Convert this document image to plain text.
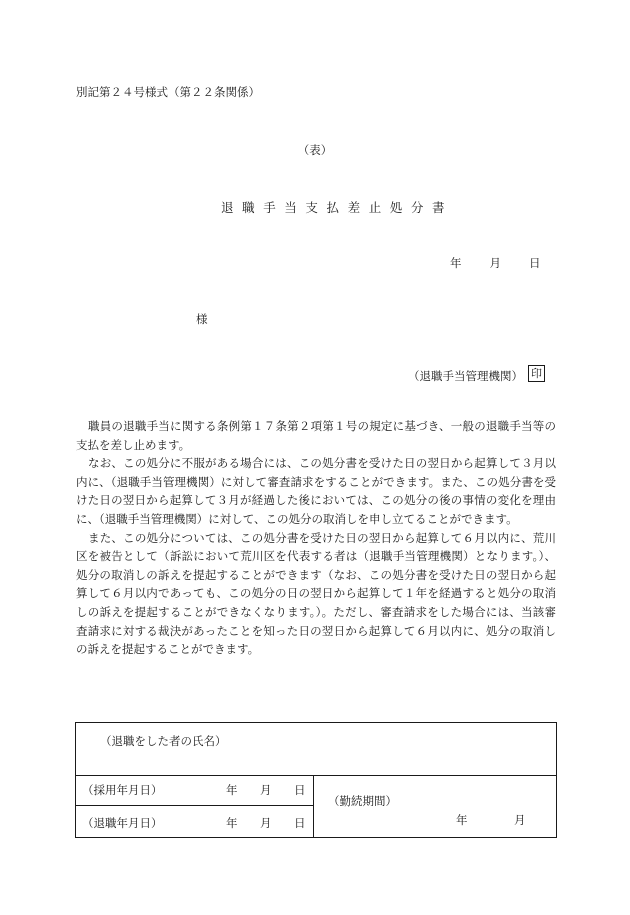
別記第２４号様式（第２２条関係）
（表）
退職手当支払差止処分書
年 月 日
様
（退職手当管理機関） 印

職員の退職手当に関する条例第１７条第２項第１号の規定に基づき、一般の退職手当等の支払を差し止めます。

なお、この処分に不服がある場合には、この処分書を受けた日の翌日から起算して３月以内に、（退職手当管理機関）に対して審査請求をすることができます。また、この処分書を受けた日の翌日から起算して３月が経過した後においては、この処分の後の事情の変化を理由に、（退職手当管理機関）に対して、この処分の取消しを申し立てることができます。

また、この処分については、この処分書を受けた日の翌日から起算して６月以内に、荒川区を被告として（訴訟において荒川区を代表する者は（退職手当管理機関）となります。）、処分の取消しの訴えを提起することができます（なお、この処分書を受けた日の翌日から起算して６月以内であっても、この処分の日の翌日から起算して１年を経過すると処分の取消しの訴えを提起することができなくなります。）。ただし、審査請求をした場合には、当該審査請求に対する裁決があったことを知った日の翌日から起算して６月以内に、処分の取消しの訴えを提起することができます。

（退職をした者の氏名）
（採用年月日）	年 月 日
（退職年月日）	年 月 日
（勤続期間）
年	月
